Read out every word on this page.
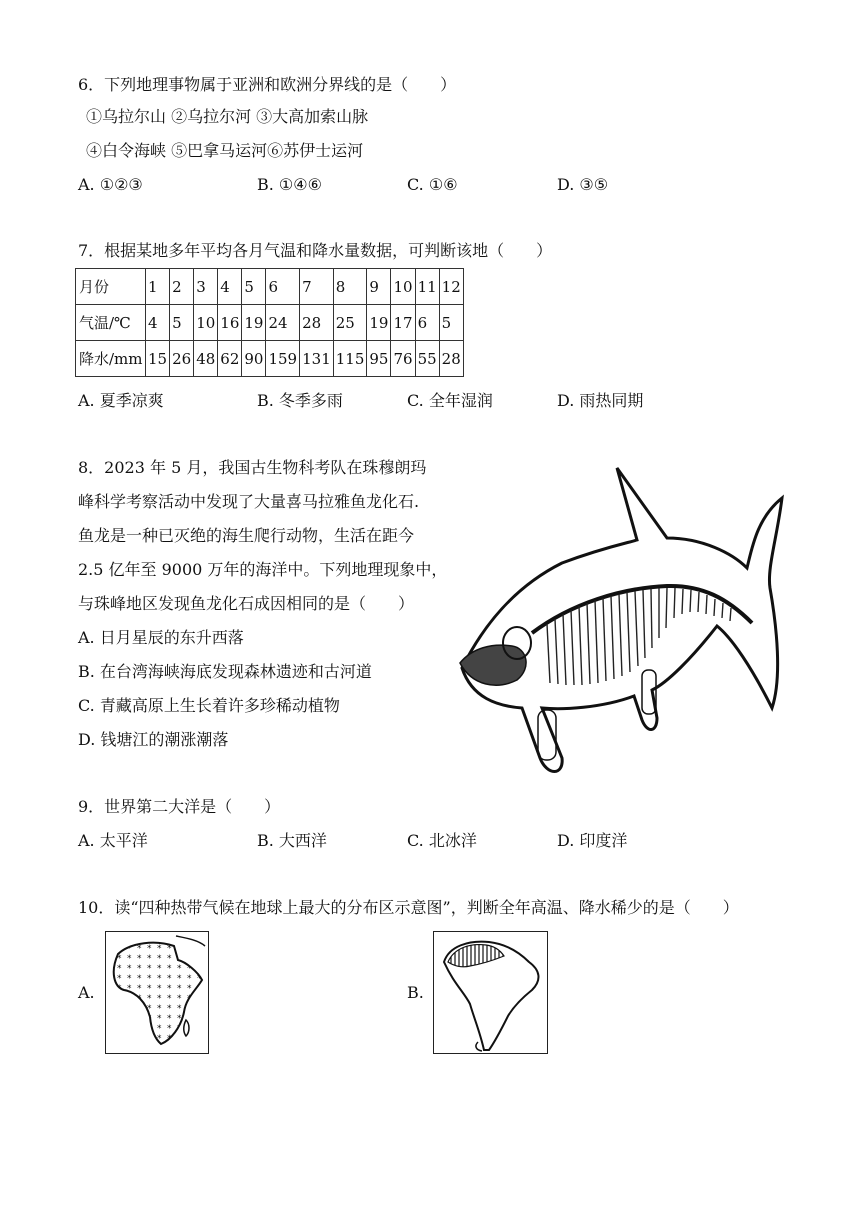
6．下列地理事物属于亚洲和欧洲分界线的是（　　）
①乌拉尔山 ②乌拉尔河 ③大高加索山脉
④白令海峡 ⑤巴拿马运河⑥苏伊士运河
A. ①②③	B. ①④⑥	C. ①⑥	D. ③⑤
7．根据某地多年平均各月气温和降水量数据，可判断该地（　　）
月份	1	2	3	4	5	6	7	8	9	10	11	12
气温/℃	4	5	10	16	19	24	28	25	19	17	6	5
降水/mm	15	26	48	62	90	159	131	115	95	76	55	28
A. 夏季凉爽	B. 冬季多雨	C. 全年湿润	D. 雨热同期
8．2023 年 5 月，我国古生物科考队在珠穆朗玛
峰科学考察活动中发现了大量喜马拉雅鱼龙化石.
鱼龙是一种已灭绝的海生爬行动物，生活在距今
2.5 亿年至 9000 万年的海洋中。下列地理现象中，
与珠峰地区发现鱼龙化石成因相同的是（　　）
A. 日月星辰的东升西落
B. 在台湾海峡海底发现森林遗迹和古河道
C. 青藏高原上生长着许多珍稀动植物
D. 钱塘江的潮涨潮落
9．世界第二大洋是（　　）
A. 太平洋	B. 大西洋	C. 北冰洋	D. 印度洋
10．读“四种热带气候在地球上最大的分布区示意图”，判断全年高温、降水稀少的是（　　）
A.	B.
